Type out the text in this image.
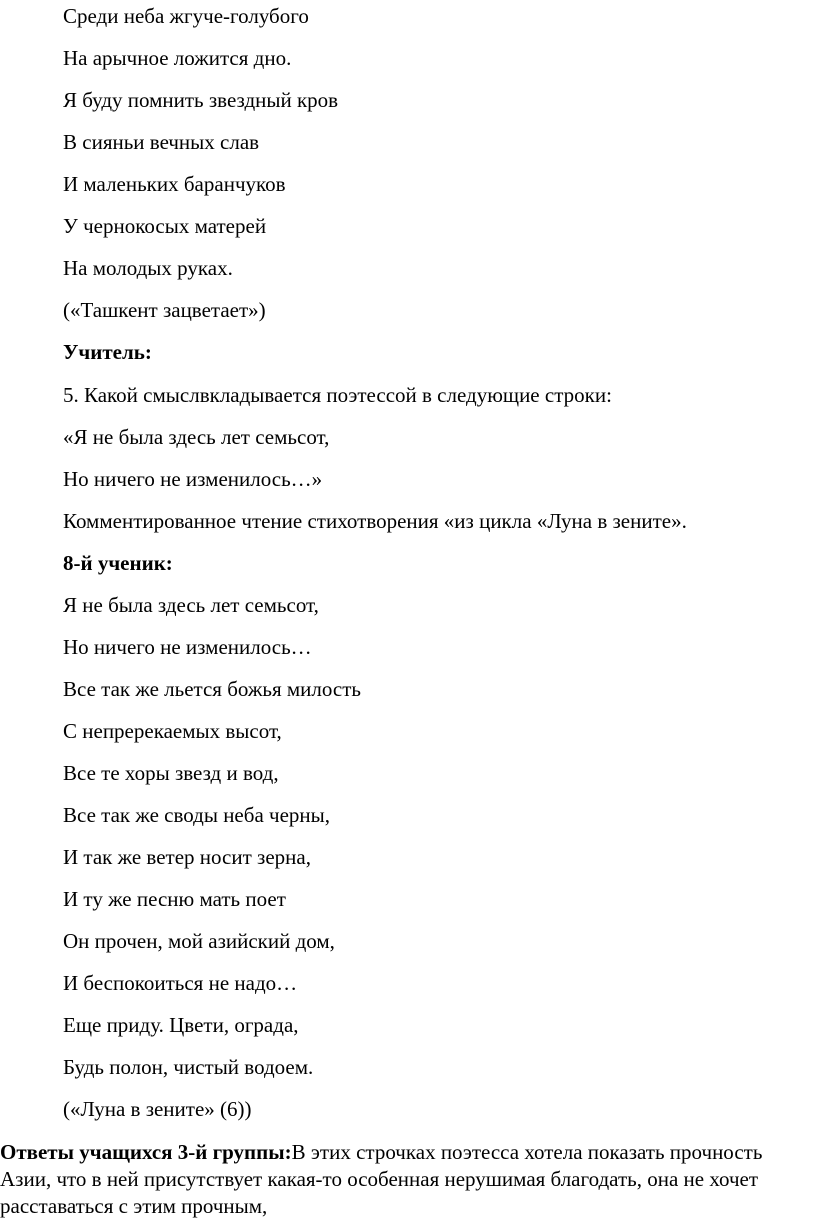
Среди неба жгуче-голубого

На арычное ложится дно.

Я буду помнить звездный кров

В сияньи вечных слав

И маленьких баранчуков

У чернокосых матерей

На молодых руках.

(«Ташкент зацветает»)

Учитель:

5. Какой смыслвкладывается поэтессой в следующие строки:

«Я не была здесь лет семьсот,

Но ничего не изменилось…»

Комментированное чтение стихотворения «из цикла «Луна в зените».

8-й ученик:

Я не была здесь лет семьсот,

Но ничего не изменилось…

Все так же льется божья милость

С непререкаемых высот,

Все те хоры звезд и вод,

Все так же своды неба черны,

И так же ветер носит зерна,

И ту же песню мать поет

Он прочен, мой азийский дом,

И беспокоиться не надо…

Еще приду. Цвети, ограда,

Будь полон, чистый водоем.

(«Луна в зените» (6))

Ответы учащихся 3-й группы:В этих строчках поэтесса хотела показать прочность Азии, что в ней присутствует какая-то особенная нерушимая благодать, она не хочет расставаться с этим прочным,
